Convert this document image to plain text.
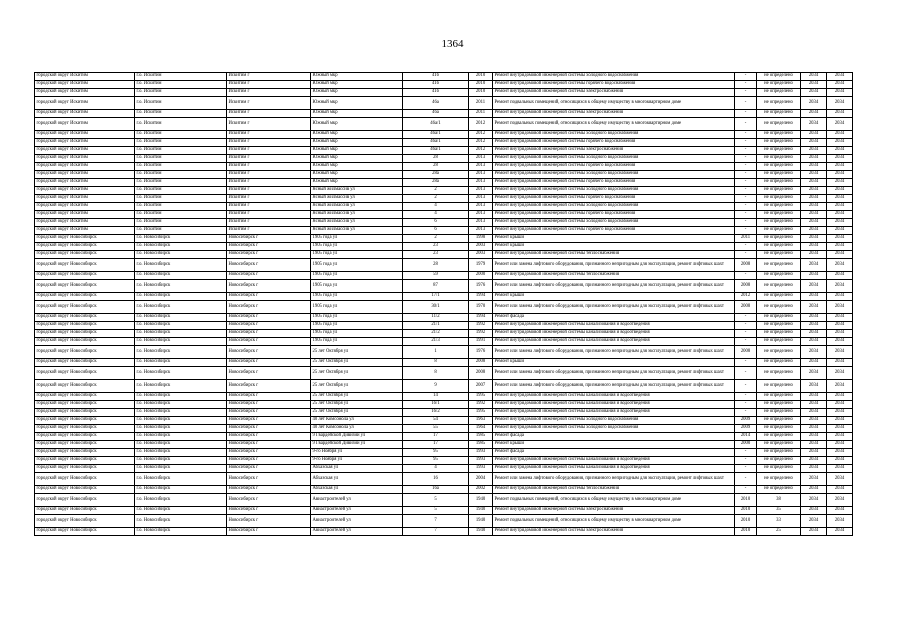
1364
городской округ Искитим	г.о. Искитим	Искитим г	Южный мкр	41б	2010	Ремонт внутридомовой инженерной системы холодного водоснабжения	-	не определено	2034	2034
городской округ Искитим	г.о. Искитим	Искитим г	Южный мкр	41б	2010	Ремонт внутридомовой инженерной системы горячего водоснабжения	-	не определено	2034	2034
городской округ Искитим	г.о. Искитим	Искитим г	Южный мкр	41б	2010	Ремонт внутридомовой инженерной системы электроснабжения	-	не определено	2034	2034
городской округ Искитим	г.о. Искитим	Искитим г	Южный мкр	46а	2011	Ремонт подвальных помещений, относящихся к общему имуществу в многоквартирном доме	-	не определено	2034	2034
городской округ Искитим	г.о. Искитим	Искитим г	Южный мкр	46а	2011	Ремонт внутридомовой инженерной системы электроснабжения	-	не определено	2034	2034
городской округ Искитим	г.о. Искитим	Искитим г	Южный мкр	46а/1	2012	Ремонт подвальных помещений, относящихся к общему имуществу в многоквартирном доме	-	не определено	2034	2034
городской округ Искитим	г.о. Искитим	Искитим г	Южный мкр	46а/1	2012	Ремонт внутридомовой инженерной системы холодного водоснабжения	-	не определено	2034	2034
городской округ Искитим	г.о. Искитим	Искитим г	Южный мкр	46а/1	2012	Ремонт внутридомовой инженерной системы горячего водоснабжения	-	не определено	2034	2034
городской округ Искитим	г.о. Искитим	Искитим г	Южный мкр	46а/1	2012	Ремонт внутридомовой инженерной системы электроснабжения	-	не определено	2034	2034
городской округ Искитим	г.о. Искитим	Искитим г	Южный мкр	28	2013	Ремонт внутридомовой инженерной системы холодного водоснабжения	-	не определено	2034	2034
городской округ Искитим	г.о. Искитим	Искитим г	Южный мкр	28	2013	Ремонт внутридомовой инженерной системы горячего водоснабжения	-	не определено	2034	2034
городской округ Искитим	г.о. Искитим	Искитим г	Южный мкр	28а	2013	Ремонт внутридомовой инженерной системы холодного водоснабжения	-	не определено	2034	2034
городской округ Искитим	г.о. Искитим	Искитим г	Южный мкр	28а	2013	Ремонт внутридомовой инженерной системы горячего водоснабжения	-	не определено	2034	2034
городской округ Искитим	г.о. Искитим	Искитим г	Ясный жилмассив ул	2	2013	Ремонт внутридомовой инженерной системы холодного водоснабжения	-	не определено	2034	2034
городской округ Искитим	г.о. Искитим	Искитим г	Ясный жилмассив ул	2	2013	Ремонт внутридомовой инженерной системы горячего водоснабжения	-	не определено	2034	2034
городской округ Искитим	г.о. Искитим	Искитим г	Ясный жилмассив ул	4	2013	Ремонт внутридомовой инженерной системы холодного водоснабжения	-	не определено	2034	2034
городской округ Искитим	г.о. Искитим	Искитим г	Ясный жилмассив ул	4	2013	Ремонт внутридомовой инженерной системы горячего водоснабжения	-	не определено	2034	2034
городской округ Искитим	г.о. Искитим	Искитим г	Ясный жилмассив ул	6	2013	Ремонт внутридомовой инженерной системы холодного водоснабжения	-	не определено	2034	2034
городской округ Искитим	г.о. Искитим	Искитим г	Ясный жилмассив ул	6	2013	Ремонт внутридомовой инженерной системы горячего водоснабжения	-	не определено	2034	2034
городской округ Новосибирск	г.о. Новосибирск	Новосибирск г	1905 года ул	2	1998	Ремонт крыши	2011	не определено	2034	2034
городской округ Новосибирск	г.о. Новосибирск	Новосибирск г	1905 года ул	23	2003	Ремонт крыши	-	не определено	2034	2034
городской округ Новосибирск	г.о. Новосибирск	Новосибирск г	1905 года ул	23	2003	Ремонт внутридомовой инженерной системы теплоснабжения	-	не определено	2034	2034
городской округ Новосибирск	г.о. Новосибирск	Новосибирск г	1905 года ул	28	1979	Ремонт или замена лифтового оборудования, признанного непригодным для эксплуатации, ремонт лифтовых шахт	2008	не определено	2034	2034
городской округ Новосибирск	г.о. Новосибирск	Новосибирск г	1905 года ул	59	2000	Ремонт внутридомовой инженерной системы теплоснабжения	-	не определено	2034	2034
городской округ Новосибирск	г.о. Новосибирск	Новосибирск г	1905 года ул	87	1976	Ремонт или замена лифтового оборудования, признанного непригодным для эксплуатации, ремонт лифтовых шахт	2008	не определено	2034	2034
городской округ Новосибирск	г.о. Новосибирск	Новосибирск г	1905 года ул	17/1	1994	Ремонт крыши	2012	не определено	2034	2034
городской округ Новосибирск	г.о. Новосибирск	Новосибирск г	1905 года ул	30/1	1970	Ремонт или замена лифтового оборудования, признанного непригодным для эксплуатации, ремонт лифтовых шахт	2008	не определено	2034	2034
городской округ Новосибирск	г.о. Новосибирск	Новосибирск г	1905 года ул	11/2	1994	Ремонт фасада	-	не определено	2034	2034
городской округ Новосибирск	г.о. Новосибирск	Новосибирск г	1905 года ул	21/1	1992	Ремонт внутридомовой инженерной системы канализования и водоотведения	-	не определено	2034	2034
городской округ Новосибирск	г.о. Новосибирск	Новосибирск г	1905 года ул	21/2	1992	Ремонт внутридомовой инженерной системы канализования и водоотведения	-	не определено	2034	2034
городской округ Новосибирск	г.о. Новосибирск	Новосибирск г	1905 года ул	21/3	1991	Ремонт внутридомовой инженерной системы канализования и водоотведения	-	не определено	2034	2034
городской округ Новосибирск	г.о. Новосибирск	Новосибирск г	25 лет Октября ул	1	1976	Ремонт или замена лифтового оборудования, признанного непригодным для эксплуатации, ремонт лифтовых шахт	2008	не определено	2034	2034
городской округ Новосибирск	г.о. Новосибирск	Новосибирск г	25 лет Октября ул	8	2008	Ремонт крыши	-	не определено	2034	2034
городской округ Новосибирск	г.о. Новосибирск	Новосибирск г	25 лет Октября ул	8	2008	Ремонт или замена лифтового оборудования, признанного непригодным для эксплуатации, ремонт лифтовых шахт	-	не определено	2034	2034
городской округ Новосибирск	г.о. Новосибирск	Новосибирск г	25 лет Октября ул	9	2007	Ремонт или замена лифтового оборудования, признанного непригодным для эксплуатации, ремонт лифтовых шахт	-	не определено	2034	2034
городской округ Новосибирск	г.о. Новосибирск	Новосибирск г	25 лет Октября ул	14	1995	Ремонт внутридомовой инженерной системы канализования и водоотведения	-	не определено	2034	2034
городской округ Новосибирск	г.о. Новосибирск	Новосибирск г	25 лет Октября ул	16/1	1992	Ремонт внутридомовой инженерной системы канализования и водоотведения	-	не определено	2034	2034
городской округ Новосибирск	г.о. Новосибирск	Новосибирск г	25 лет Октября ул	16/2	1995	Ремонт внутридомовой инженерной системы канализования и водоотведения	-	не определено	2034	2034
городской округ Новосибирск	г.о. Новосибирск	Новосибирск г	40 лет Комсомола ул	54	1963	Ремонт внутридомовой инженерной системы холодного водоснабжения	2009	не определено	2034	2034
городской округ Новосибирск	г.о. Новосибирск	Новосибирск г	40 лет Комсомола ул	55	1964	Ремонт внутридомовой инженерной системы холодного водоснабжения	2009	не определено	2034	2034
городской округ Новосибирск	г.о. Новосибирск	Новосибирск г	9 Гвардейской Дивизии ул	17	1985	Ремонт фасада	2014	не определено	2034	2034
городской округ Новосибирск	г.о. Новосибирск	Новосибирск г	9 Гвардейской Дивизии ул	17	1985	Ремонт крыши	2000	не определено	2034	2034
городской округ Новосибирск	г.о. Новосибирск	Новосибирск г	9-го Ноября ул	95	1993	Ремонт фасада	-	не определено	2034	2034
городской округ Новосибирск	г.о. Новосибирск	Новосибирск г	9-го Ноября ул	95	1993	Ремонт внутридомовой инженерной системы канализования и водоотведения	-	не определено	2034	2034
городской округ Новосибирск	г.о. Новосибирск	Новосибирск г	Абхазская ул	4	1993	Ремонт внутридомовой инженерной системы канализования и водоотведения	-	не определено	2034	2034
городской округ Новосибирск	г.о. Новосибирск	Новосибирск г	Абхазская ул	16	2004	Ремонт или замена лифтового оборудования, признанного непригодным для эксплуатации, ремонт лифтовых шахт	-	не определено	2034	2034
городской округ Новосибирск	г.о. Новосибирск	Новосибирск г	Абхазская ул	16а	2002	Ремонт внутридомовой инженерной системы теплоснабжения	-	не определено	2034	2034
городской округ Новосибирск	г.о. Новосибирск	Новосибирск г	Авиастроителей ул	5	1940	Ремонт подвальных помещений, относящихся к общему имуществу в многоквартирном доме	2010	38	2034	2034
городской округ Новосибирск	г.о. Новосибирск	Новосибирск г	Авиастроителей ул	5	1940	Ремонт внутридомовой инженерной системы электроснабжения	2010	35	2034	2034
городской округ Новосибирск	г.о. Новосибирск	Новосибирск г	Авиастроителей ул	7	1940	Ремонт подвальных помещений, относящихся к общему имуществу в многоквартирном доме	2010	33	2034	2034
городской округ Новосибирск	г.о. Новосибирск	Новосибирск г	Авиастроителей ул	7	1940	Ремонт внутридомовой инженерной системы электроснабжения	2010	25	2034	2034
